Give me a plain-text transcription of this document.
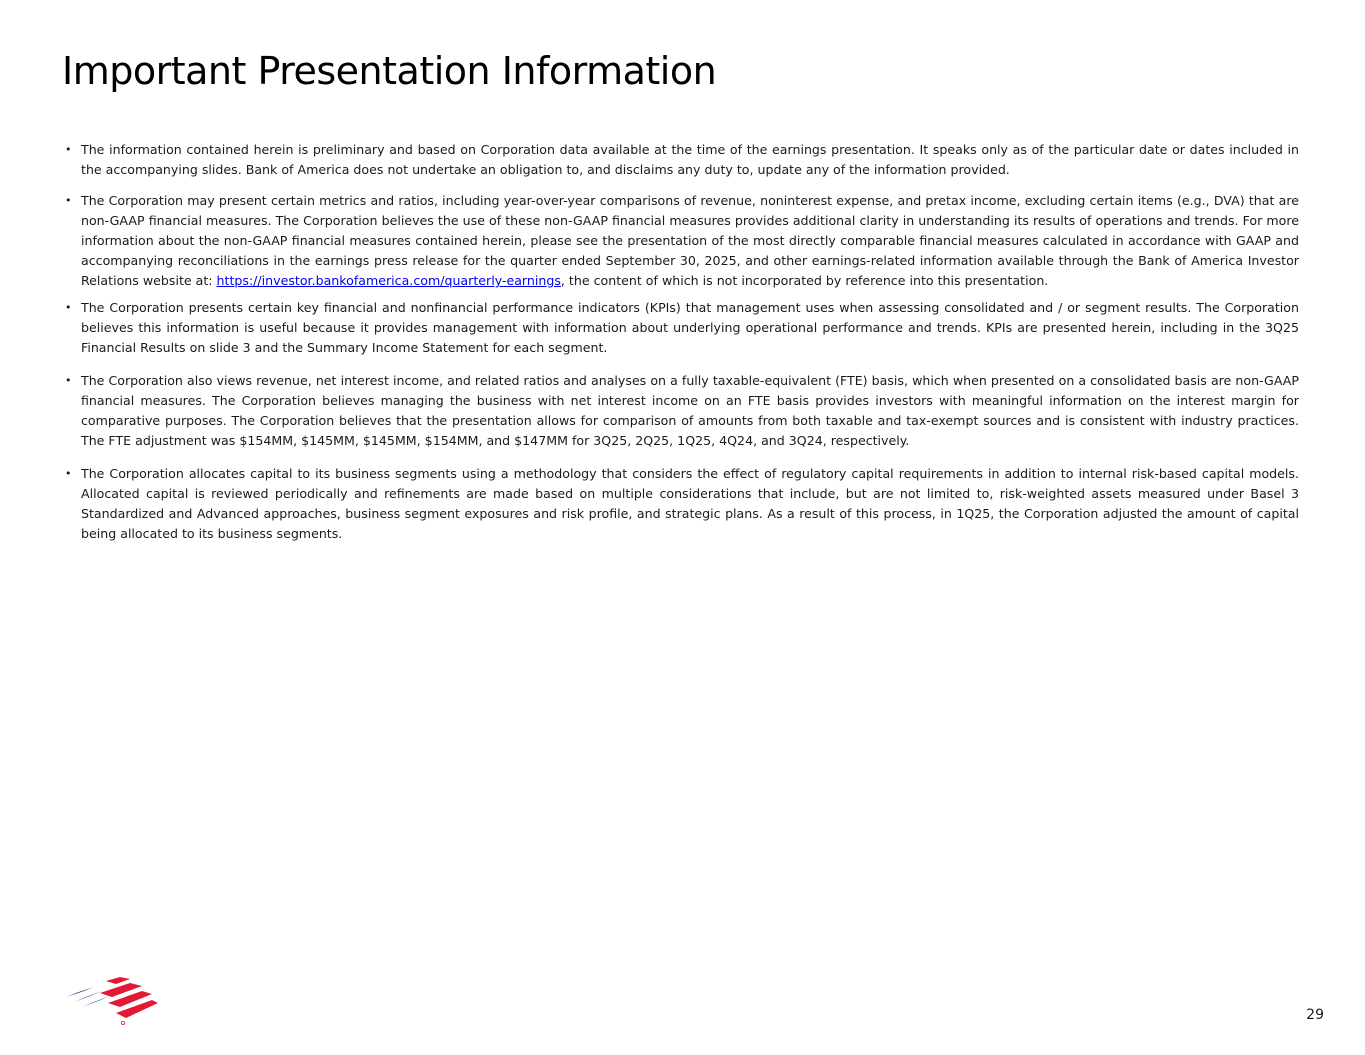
Important Presentation Information
• The information contained herein is preliminary and based on Corporation data available at the time of the earnings presentation. It speaks only as of the particular date or dates included in the accompanying slides. Bank of America does not undertake an obligation to, and disclaims any duty to, update any of the information provided.
• The Corporation may present certain metrics and ratios, including year-over-year comparisons of revenue, noninterest expense, and pretax income, excluding certain items (e.g., DVA) that are non-GAAP financial measures. The Corporation believes the use of these non-GAAP financial measures provides additional clarity in understanding its results of operations and trends. For more information about the non-GAAP financial measures contained herein, please see the presentation of the most directly comparable financial measures calculated in accordance with GAAP and accompanying reconciliations in the earnings press release for the quarter ended September 30, 2025, and other earnings-related information available through the Bank of America Investor Relations website at: https://investor.bankofamerica.com/quarterly-earnings, the content of which is not incorporated by reference into this presentation.
• The Corporation presents certain key financial and nonfinancial performance indicators (KPIs) that management uses when assessing consolidated and / or segment results. The Corporation believes this information is useful because it provides management with information about underlying operational performance and trends. KPIs are presented herein, including in the 3Q25 Financial Results on slide 3 and the Summary Income Statement for each segment.
• The Corporation also views revenue, net interest income, and related ratios and analyses on a fully taxable-equivalent (FTE) basis, which when presented on a consolidated basis are non-GAAP financial measures. The Corporation believes managing the business with net interest income on an FTE basis provides investors with meaningful information on the interest margin for comparative purposes. The Corporation believes that the presentation allows for comparison of amounts from both taxable and tax-exempt sources and is consistent with industry practices. The FTE adjustment was $154MM, $145MM, $145MM, $154MM, and $147MM for 3Q25, 2Q25, 1Q25, 4Q24, and 3Q24, respectively.
• The Corporation allocates capital to its business segments using a methodology that considers the effect of regulatory capital requirements in addition to internal risk-based capital models. Allocated capital is reviewed periodically and refinements are made based on multiple considerations that include, but are not limited to, risk-weighted assets measured under Basel 3 Standardized and Advanced approaches, business segment exposures and risk profile, and strategic plans. As a result of this process, in 1Q25, the Corporation adjusted the amount of capital being allocated to its business segments.
29
